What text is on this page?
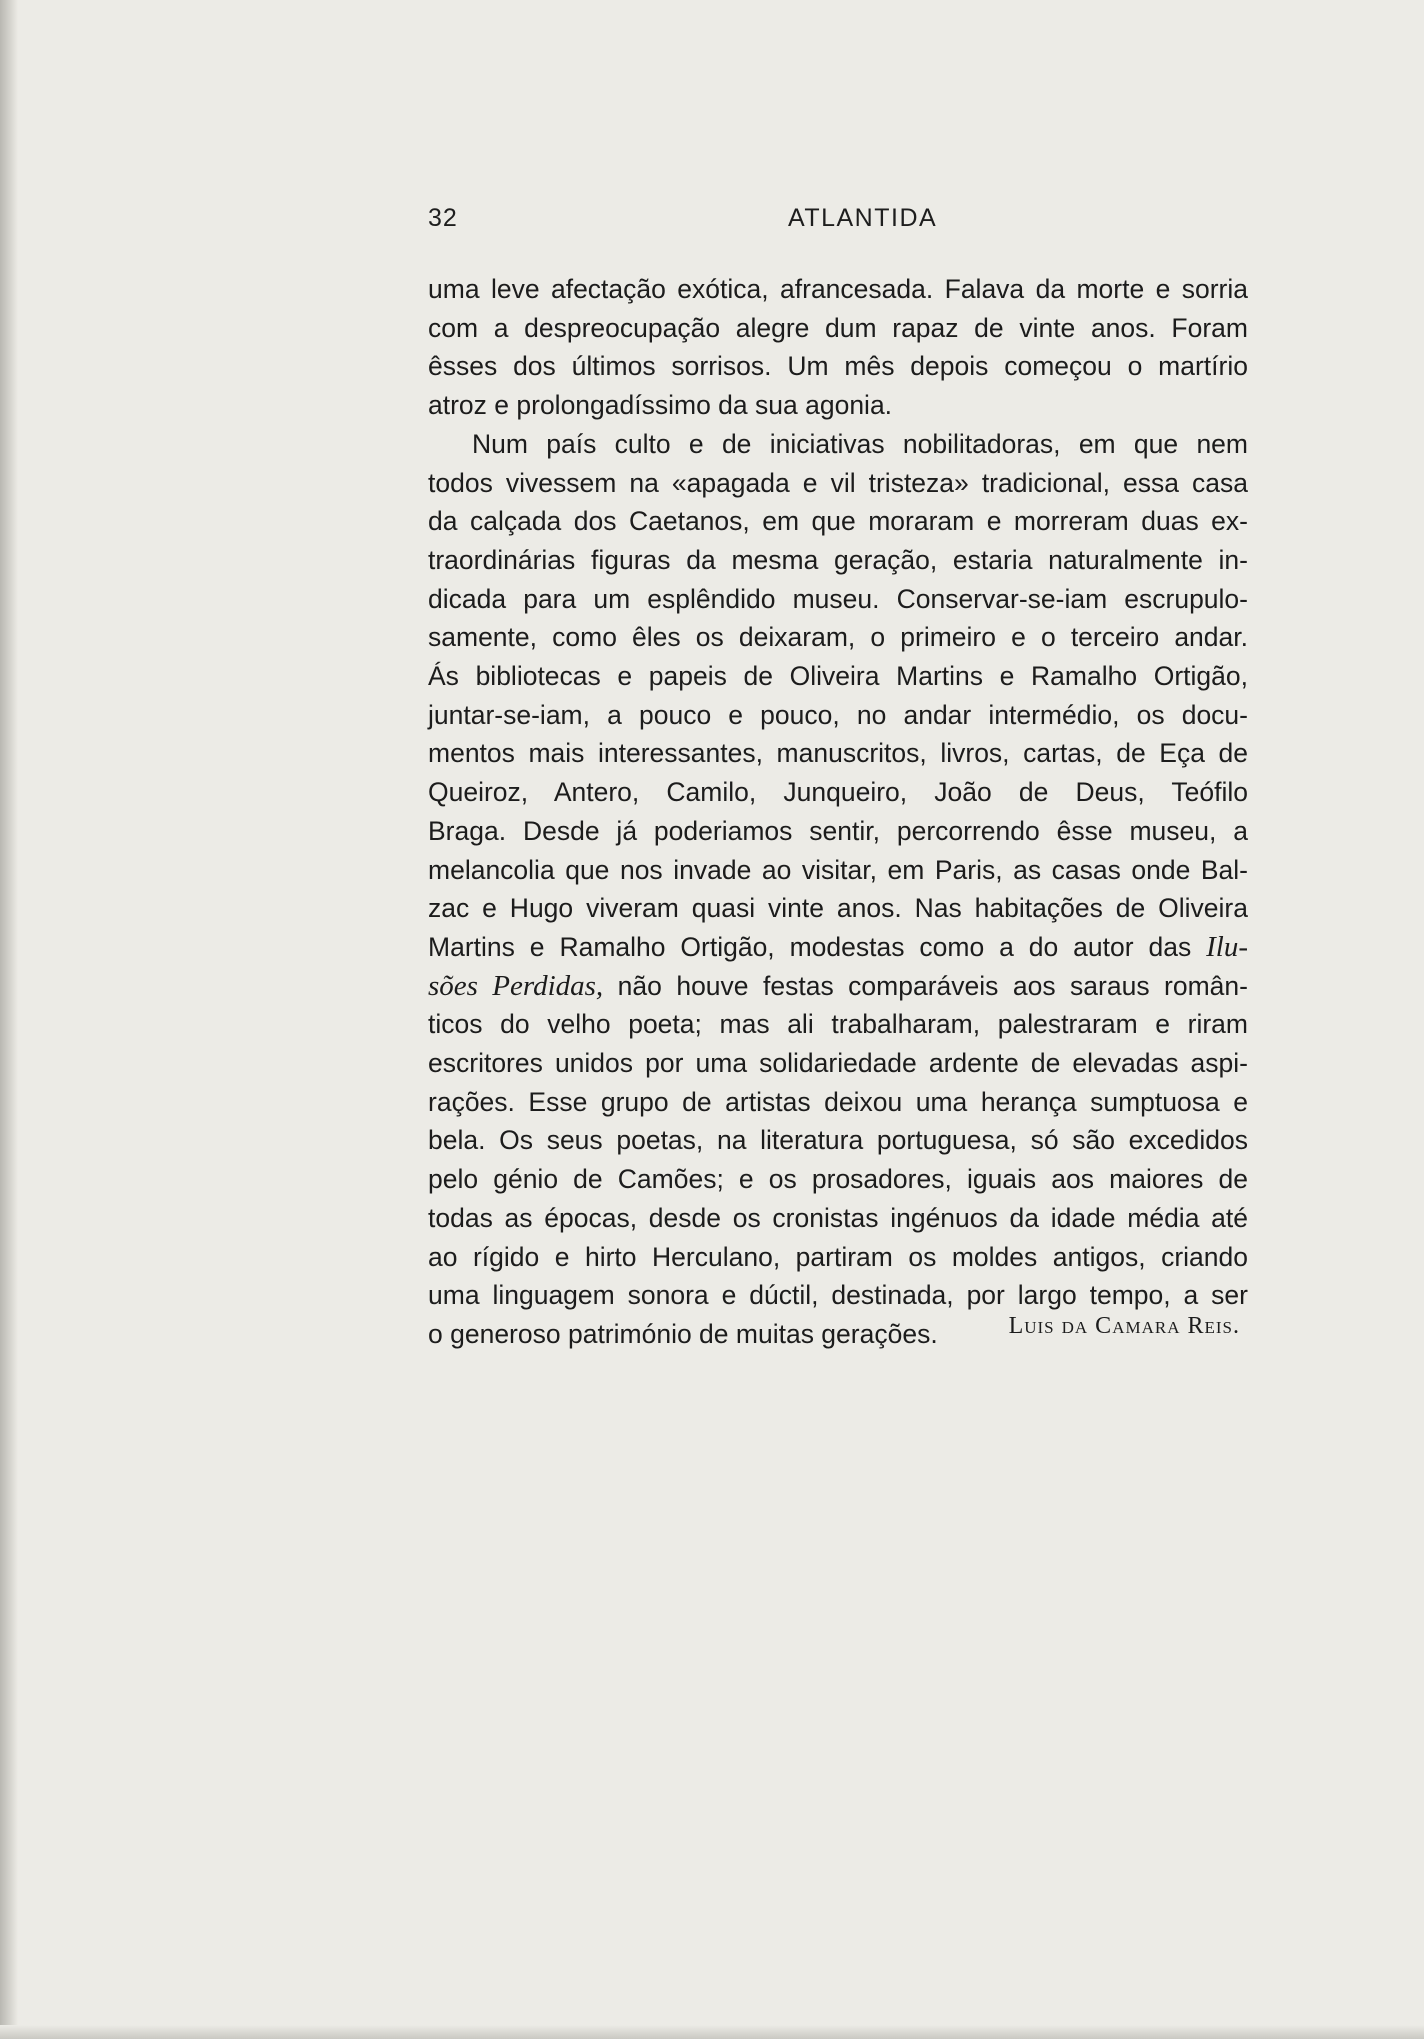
32	ATLANTIDA
uma leve afectação exótica, afrancesada. Falava da morte e sorria
com a despreocupação alegre dum rapaz de vinte anos. Foram
êsses dos últimos sorrisos. Um mês depois começou o martírio
atroz e prolongadíssimo da sua agonia.
Num país culto e de iniciativas nobilitadoras, em que nem
todos vivessem na «apagada e vil tristeza» tradicional, essa casa
da calçada dos Caetanos, em que moraram e morreram duas ex-
traordinárias figuras da mesma geração, estaria naturalmente in-
dicada para um esplêndido museu. Conservar-se-iam escrupulo-
samente, como êles os deixaram, o primeiro e o terceiro andar.
Ás bibliotecas e papeis de Oliveira Martins e Ramalho Ortigão,
juntar-se-iam, a pouco e pouco, no andar intermédio, os docu-
mentos mais interessantes, manuscritos, livros, cartas, de Eça de
Queiroz, Antero, Camilo, Junqueiro, João de Deus, Teófilo
Braga. Desde já poderiamos sentir, percorrendo êsse museu, a
melancolia que nos invade ao visitar, em Paris, as casas onde Bal-
zac e Hugo viveram quasi vinte anos. Nas habitações de Oliveira
Martins e Ramalho Ortigão, modestas como a do autor das Ilu-
sões Perdidas, não houve festas comparáveis aos saraus român-
ticos do velho poeta; mas ali trabalharam, palestraram e riram
escritores unidos por uma solidariedade ardente de elevadas aspi-
rações. Esse grupo de artistas deixou uma herança sumptuosa e
bela. Os seus poetas, na literatura portuguesa, só são excedidos
pelo génio de Camões; e os prosadores, iguais aos maiores de
todas as épocas, desde os cronistas ingénuos da idade média até
ao rígido e hirto Herculano, partiram os moldes antigos, criando
uma linguagem sonora e dúctil, destinada, por largo tempo, a ser
o generoso património de muitas gerações.	Luis da Camara Reis.
